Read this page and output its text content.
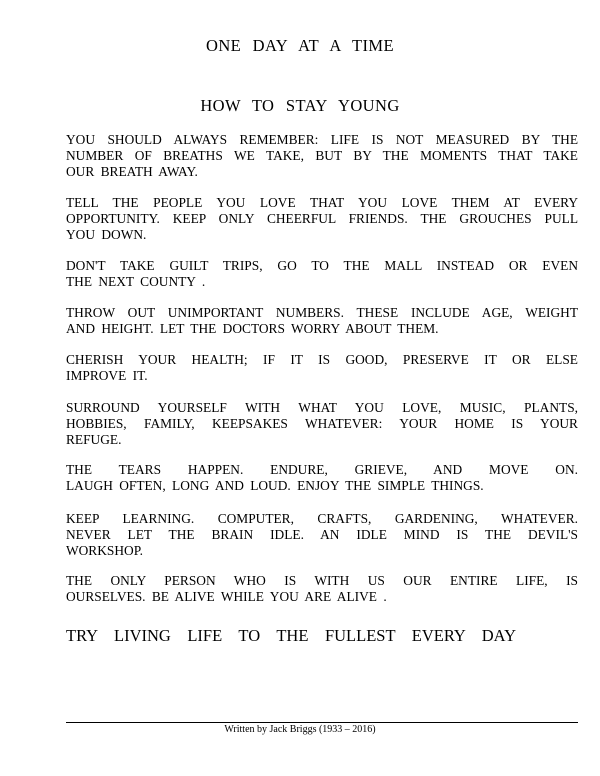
ONE DAY AT A TIME
HOW TO STAY YOUNG

YOU SHOULD ALWAYS REMEMBER: LIFE IS NOT MEASURED BY THE
NUMBER OF BREATHS WE TAKE, BUT BY THE MOMENTS THAT TAKE
OUR BREATH AWAY.

TELL THE PEOPLE YOU LOVE THAT YOU LOVE THEM AT EVERY
OPPORTUNITY. KEEP ONLY CHEERFUL FRIENDS. THE GROUCHES PULL
YOU DOWN.

DON'T TAKE GUILT TRIPS, GO TO THE MALL INSTEAD OR EVEN
THE NEXT COUNTY .

THROW OUT UNIMPORTANT NUMBERS. THESE INCLUDE AGE, WEIGHT
AND HEIGHT. LET THE DOCTORS WORRY ABOUT THEM.

CHERISH YOUR HEALTH; IF IT IS GOOD, PRESERVE IT OR ELSE
IMPROVE IT.

SURROUND YOURSELF WITH WHAT YOU LOVE, MUSIC, PLANTS,
HOBBIES, FAMILY, KEEPSAKES WHATEVER: YOUR HOME IS YOUR
REFUGE.

THE TEARS HAPPEN. ENDURE, GRIEVE, AND MOVE ON.
LAUGH OFTEN, LONG AND LOUD. ENJOY THE SIMPLE THINGS.

KEEP LEARNING. COMPUTER, CRAFTS, GARDENING, WHATEVER.
NEVER LET THE BRAIN IDLE. AN IDLE MIND IS THE DEVIL'S
WORKSHOP.

THE ONLY PERSON WHO IS WITH US OUR ENTIRE LIFE, IS
OURSELVES. BE ALIVE WHILE YOU ARE ALIVE .

TRY LIVING LIFE TO THE FULLEST EVERY DAY
Written by Jack Briggs (1933 – 2016)
